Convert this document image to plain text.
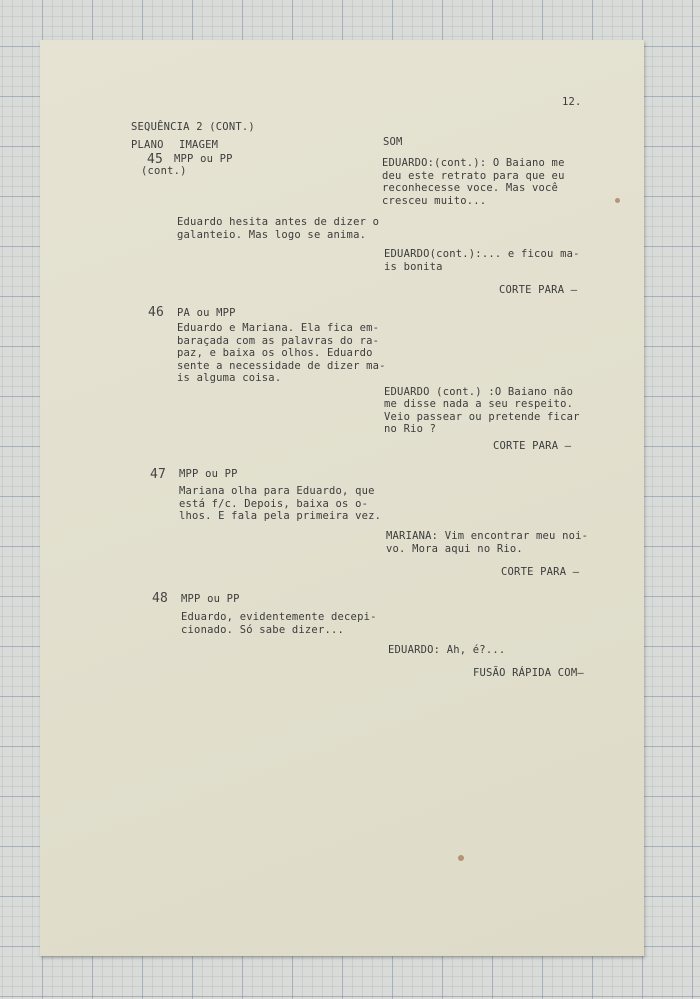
12.
SEQUÊNCIA 2 (CONT.)
PLANO IMAGEM	SOM
45 MPP ou PP
(cont.)
EDUARDO:(cont.): O Baiano me
deu este retrato para que eu
reconhecesse voce. Mas você
cresceu muito...
Eduardo hesita antes de dizer o
galanteio. Mas logo se anima.
EDUARDO(cont.):... e ficou ma-
is bonita
CORTE PARA —
46 PA ou MPP
Eduardo e Mariana. Ela fica em-
baraçada com as palavras do ra-
paz, e baixa os olhos. Eduardo
sente a necessidade de dizer ma-
is alguma coisa.
EDUARDO (cont.) :O Baiano não
me disse nada a seu respeito.
Veio passear ou pretende ficar
no Rio ?
CORTE PARA —
47 MPP ou PP
Mariana olha para Eduardo, que
está f/c. Depois, baixa os o-
lhos. E fala pela primeira vez.
MARIANA: Vim encontrar meu noi-
vo. Mora aqui no Rio.
CORTE PARA —
48 MPP ou PP
Eduardo, evidentemente decepi-
cionado. Só sabe dizer...
EDUARDO: Ah, é?...
FUSÃO RÁPIDA COM—
